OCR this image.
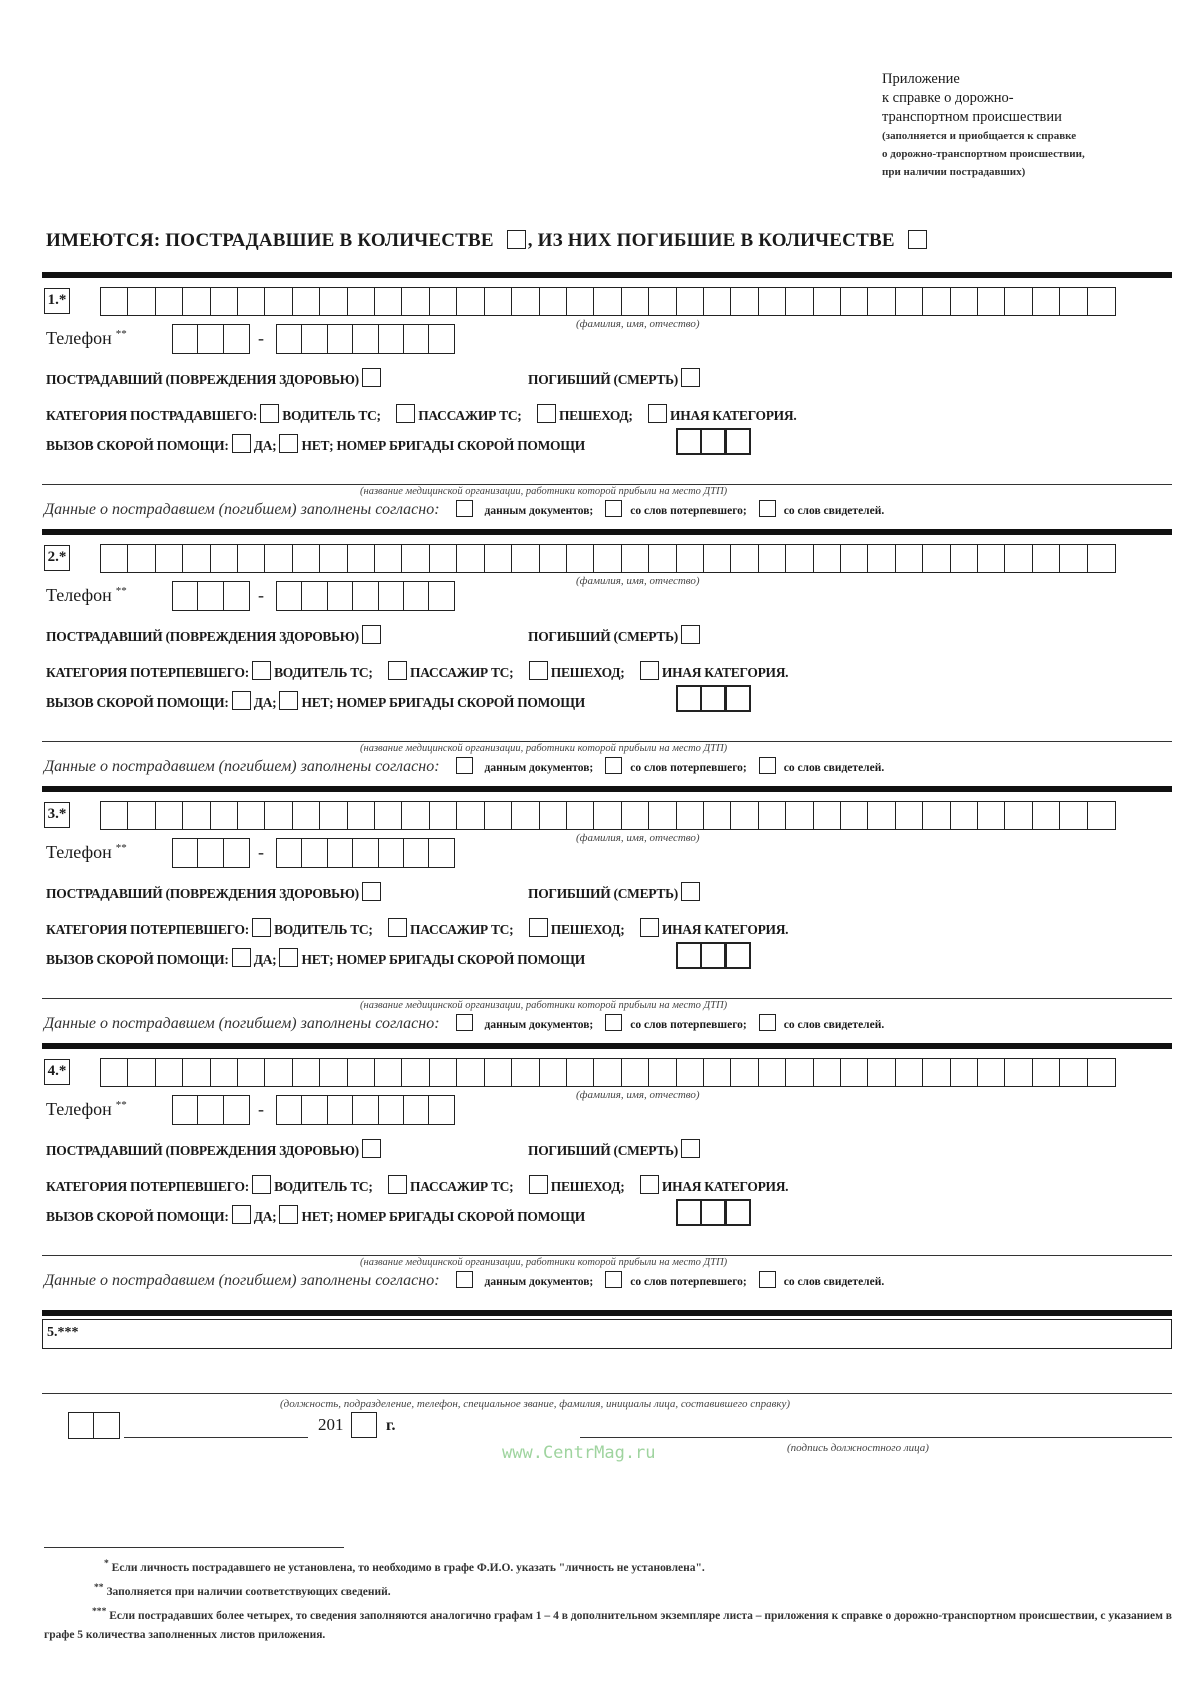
Приложение
к справке о дорожно-
транспортном происшествии
(заполняется и приобщается к справке
о дорожно-транспортном происшествии,
при наличии пострадавших)
ИМЕЮТСЯ: ПОСТРАДАВШИЕ В КОЛИЧЕСТВЕ , ИЗ НИХ ПОГИБШИЕ В КОЛИЧЕСТВЕ
1.*
(фамилия, имя, отчество)
Телефон **	-
ПОСТРАДАВШИЙ (ПОВРЕЖДЕНИЯ ЗДОРОВЬЮ)	ПОГИБШИЙ (СМЕРТЬ)
КАТЕГОРИЯ ПОСТРАДАВШЕГО: ВОДИТЕЛЬ ТС;	ПАССАЖИР ТС;	ПЕШЕХОД;	ИНАЯ КАТЕГОРИЯ.
ВЫЗОВ СКОРОЙ ПОМОЩИ: ДА; НЕТ; НОМЕР БРИГАДЫ СКОРОЙ ПОМОЩИ
(название медицинской организации, работники которой прибыли на место ДТП)
Данные о пострадавшем (погибшем) заполнены согласно:	данным документов;	со слов потерпевшего;	со слов свидетелей.
2.*
(фамилия, имя, отчество)
Телефон **	-
ПОСТРАДАВШИЙ (ПОВРЕЖДЕНИЯ ЗДОРОВЬЮ)	ПОГИБШИЙ (СМЕРТЬ)
КАТЕГОРИЯ ПОТЕРПЕВШЕГО: ВОДИТЕЛЬ ТС;	ПАССАЖИР ТС;	ПЕШЕХОД;	ИНАЯ КАТЕГОРИЯ.
ВЫЗОВ СКОРОЙ ПОМОЩИ: ДА; НЕТ; НОМЕР БРИГАДЫ СКОРОЙ ПОМОЩИ
(название медицинской организации, работники которой прибыли на место ДТП)
Данные о пострадавшем (погибшем) заполнены согласно:	данным документов;	со слов потерпевшего;	со слов свидетелей.
3.*
(фамилия, имя, отчество)
Телефон **	-
ПОСТРАДАВШИЙ (ПОВРЕЖДЕНИЯ ЗДОРОВЬЮ)	ПОГИБШИЙ (СМЕРТЬ)
КАТЕГОРИЯ ПОТЕРПЕВШЕГО: ВОДИТЕЛЬ ТС;	ПАССАЖИР ТС;	ПЕШЕХОД;	ИНАЯ КАТЕГОРИЯ.
ВЫЗОВ СКОРОЙ ПОМОЩИ: ДА; НЕТ; НОМЕР БРИГАДЫ СКОРОЙ ПОМОЩИ
(название медицинской организации, работники которой прибыли на место ДТП)
Данные о пострадавшем (погибшем) заполнены согласно:	данным документов;	со слов потерпевшего;	со слов свидетелей.
4.*
(фамилия, имя, отчество)
Телефон **	-
ПОСТРАДАВШИЙ (ПОВРЕЖДЕНИЯ ЗДОРОВЬЮ)	ПОГИБШИЙ (СМЕРТЬ)
КАТЕГОРИЯ ПОТЕРПЕВШЕГО: ВОДИТЕЛЬ ТС;	ПАССАЖИР ТС;	ПЕШЕХОД;	ИНАЯ КАТЕГОРИЯ.
ВЫЗОВ СКОРОЙ ПОМОЩИ: ДА; НЕТ; НОМЕР БРИГАДЫ СКОРОЙ ПОМОЩИ
(название медицинской организации, работники которой прибыли на место ДТП)
Данные о пострадавшем (погибшем) заполнены согласно:	данным документов;	со слов потерпевшего;	со слов свидетелей.
5.***
(должность, подразделение, телефон, специальное звание, фамилия, инициалы лица, составившего справку)
201	г.
(подпись должностного лица)
www.CentrMag.ru
* Если личность пострадавшего не установлена, то необходимо в графе Ф.И.О. указать "личность не установлена".
** Заполняется при наличии соответствующих сведений.
*** Если пострадавших более четырех, то сведения заполняются аналогично графам 1 – 4 в дополнительном экземпляре листа – приложения к справке о дорожно-транспортном происшествии, с указанием в графе 5 количества заполненных листов приложения.
